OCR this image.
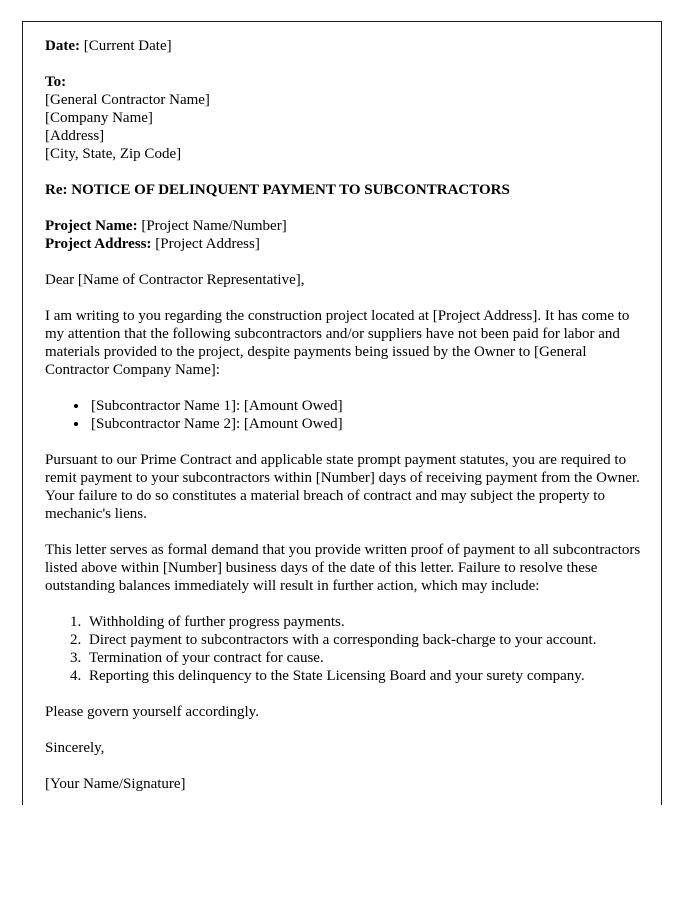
Date: [Current Date]
To:
[General Contractor Name]
[Company Name]
[Address]
[City, State, Zip Code]
Re: NOTICE OF DELINQUENT PAYMENT TO SUBCONTRACTORS
Project Name: [Project Name/Number]
Project Address: [Project Address]
Dear [Name of Contractor Representative],

I am writing to you regarding the construction project located at [Project Address]. It has come to my attention that the following subcontractors and/or suppliers have not been paid for labor and materials provided to the project, despite payments being issued by the Owner to [General Contractor Company Name]:

• [Subcontractor Name 1]: [Amount Owed]
• [Subcontractor Name 2]: [Amount Owed]

Pursuant to our Prime Contract and applicable state prompt payment statutes, you are required to remit payment to your subcontractors within [Number] days of receiving payment from the Owner. Your failure to do so constitutes a material breach of contract and may subject the property to mechanic's liens.

This letter serves as formal demand that you provide written proof of payment to all subcontractors listed above within [Number] business days of the date of this letter. Failure to resolve these outstanding balances immediately will result in further action, which may include:

1. Withholding of further progress payments.
2. Direct payment to subcontractors with a corresponding back-charge to your account.
3. Termination of your contract for cause.
4. Reporting this delinquency to the State Licensing Board and your surety company.
Please govern yourself accordingly.
Sincerely,
[Your Name/Signature]
